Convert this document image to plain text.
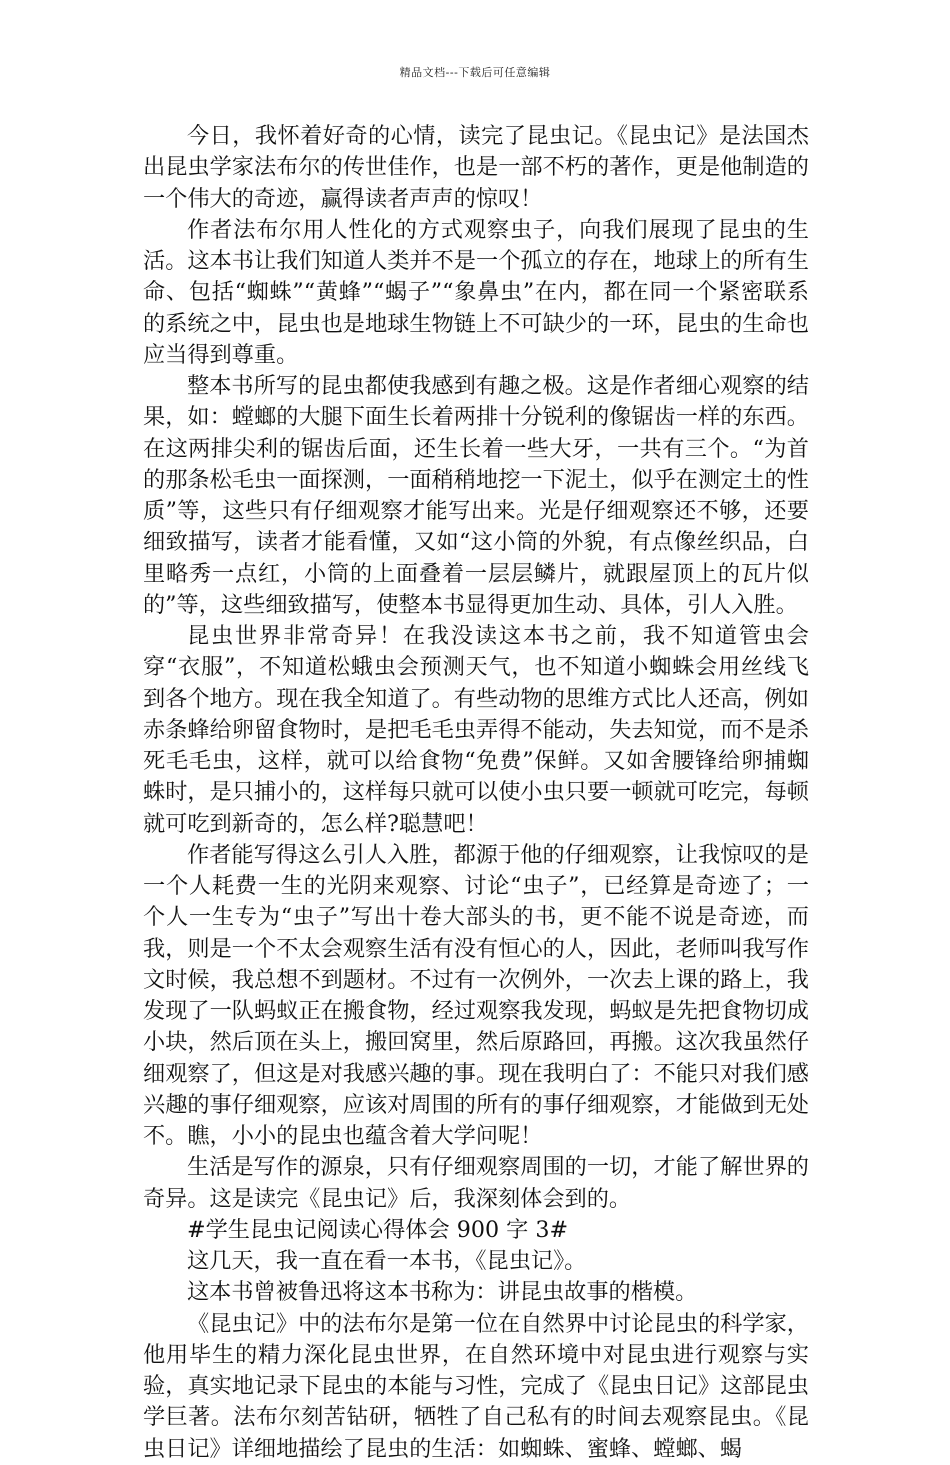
精品文档---下载后可任意编辑

今日，我怀着好奇的心情，读完了昆虫记。《昆虫记》是法国杰出昆虫学家法布尔的传世佳作，也是一部不朽的著作，更是他制造的一个伟大的奇迹，赢得读者声声的惊叹！

作者法布尔用人性化的方式观察虫子，向我们展现了昆虫的生活。这本书让我们知道人类并不是一个孤立的存在，地球上的所有生命、包括“蜘蛛”“黄蜂”“蝎子”“象鼻虫”在内，都在同一个紧密联系的系统之中，昆虫也是地球生物链上不可缺少的一环，昆虫的生命也应当得到尊重。

整本书所写的昆虫都使我感到有趣之极。这是作者细心观察的结果，如：螳螂的大腿下面生长着两排十分锐利的像锯齿一样的东西。在这两排尖利的锯齿后面，还生长着一些大牙，一共有三个。“为首的那条松毛虫一面探测，一面稍稍地挖一下泥土，似乎在测定土的性质”等，这些只有仔细观察才能写出来。光是仔细观察还不够，还要细致描写，读者才能看懂，又如“这小筒的外貌，有点像丝织品，白里略秀一点红，小筒的上面叠着一层层鳞片，就跟屋顶上的瓦片似的”等，这些细致描写，使整本书显得更加生动、具体，引人入胜。

昆虫世界非常奇异！在我没读这本书之前，我不知道管虫会穿“衣服”，不知道松蛾虫会预测天气，也不知道小蜘蛛会用丝线飞到各个地方。现在我全知道了。有些动物的思维方式比人还高，例如赤条蜂给卵留食物时，是把毛毛虫弄得不能动，失去知觉，而不是杀死毛毛虫，这样，就可以给食物“免费”保鲜。又如舍腰锋给卵捕蜘蛛时，是只捕小的，这样每只就可以使小虫只要一顿就可吃完，每顿就可吃到新奇的，怎么样?聪慧吧！

作者能写得这么引人入胜，都源于他的仔细观察，让我惊叹的是一个人耗费一生的光阴来观察、讨论“虫子”，已经算是奇迹了；一个人一生专为“虫子”写出十卷大部头的书，更不能不说是奇迹，而我，则是一个不太会观察生活有没有恒心的人，因此，老师叫我写作文时候，我总想不到题材。不过有一次例外，一次去上课的路上，我发现了一队蚂蚁正在搬食物，经过观察我发现，蚂蚁是先把食物切成小块，然后顶在头上，搬回窝里，然后原路回，再搬。这次我虽然仔细观察了，但这是对我感兴趣的事。现在我明白了：不能只对我们感兴趣的事仔细观察，应该对周围的所有的事仔细观察，才能做到无处不。瞧，小小的昆虫也蕴含着大学问呢！

生活是写作的源泉，只有仔细观察周围的一切，才能了解世界的奇异。这是读完《昆虫记》后，我深刻体会到的。

#学生昆虫记阅读心得体会 900 字 3#

这几天，我一直在看一本书，《昆虫记》。

这本书曾被鲁迅将这本书称为：讲昆虫故事的楷模。

《昆虫记》中的法布尔是第一位在自然界中讨论昆虫的科学家，他用毕生的精力深化昆虫世界，在自然环境中对昆虫进行观察与实验，真实地记录下昆虫的本能与习性，完成了《昆虫日记》这部昆虫学巨著。法布尔刻苦钻研，牺牲了自己私有的时间去观察昆虫。《昆虫日记》详细地描绘了昆虫的生活：如蜘蛛、蜜蜂、螳螂、蝎
